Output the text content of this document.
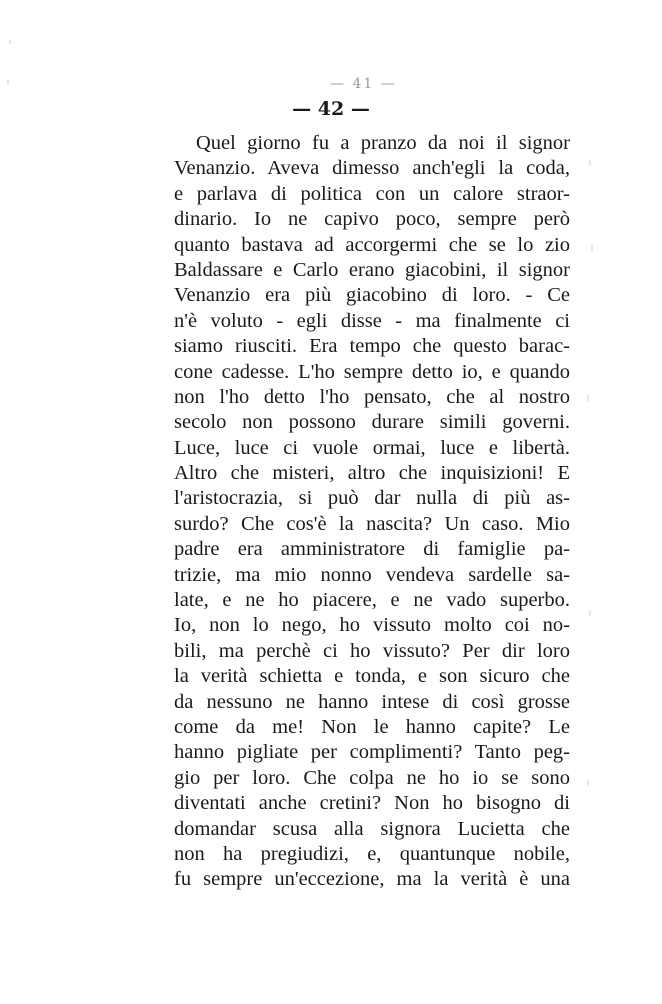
— 41 —
— 42 —
Quel giorno fu a pranzo da noi il signor
Venanzio. Aveva dimesso anch'egli la coda,
e parlava di politica con un calore straor-
dinario. Io ne capivo poco, sempre però
quanto bastava ad accorgermi che se lo zio
Baldassare e Carlo erano giacobini, il signor
Venanzio era più giacobino di loro. - Ce
n'è voluto - egli disse - ma finalmente ci
siamo riusciti. Era tempo che questo barac-
cone cadesse. L'ho sempre detto io, e quando
non l'ho detto l'ho pensato, che al nostro
secolo non possono durare simili governi.
Luce, luce ci vuole ormai, luce e libertà.
Altro che misteri, altro che inquisizioni! E
l'aristocrazia, si può dar nulla di più as-
surdo? Che cos'è la nascita? Un caso. Mio
padre era amministratore di famiglie pa-
trizie, ma mio nonno vendeva sardelle sa-
late, e ne ho piacere, e ne vado superbo.
Io, non lo nego, ho vissuto molto coi no-
bili, ma perchè ci ho vissuto? Per dir loro
la verità schietta e tonda, e son sicuro che
da nessuno ne hanno intese di così grosse
come da me! Non le hanno capite? Le
hanno pigliate per complimenti? Tanto peg-
gio per loro. Che colpa ne ho io se sono
diventati anche cretini? Non ho bisogno di
domandar scusa alla signora Lucietta che
non ha pregiudizi, e, quantunque nobile,
fu sempre un'eccezione, ma la verità è una
